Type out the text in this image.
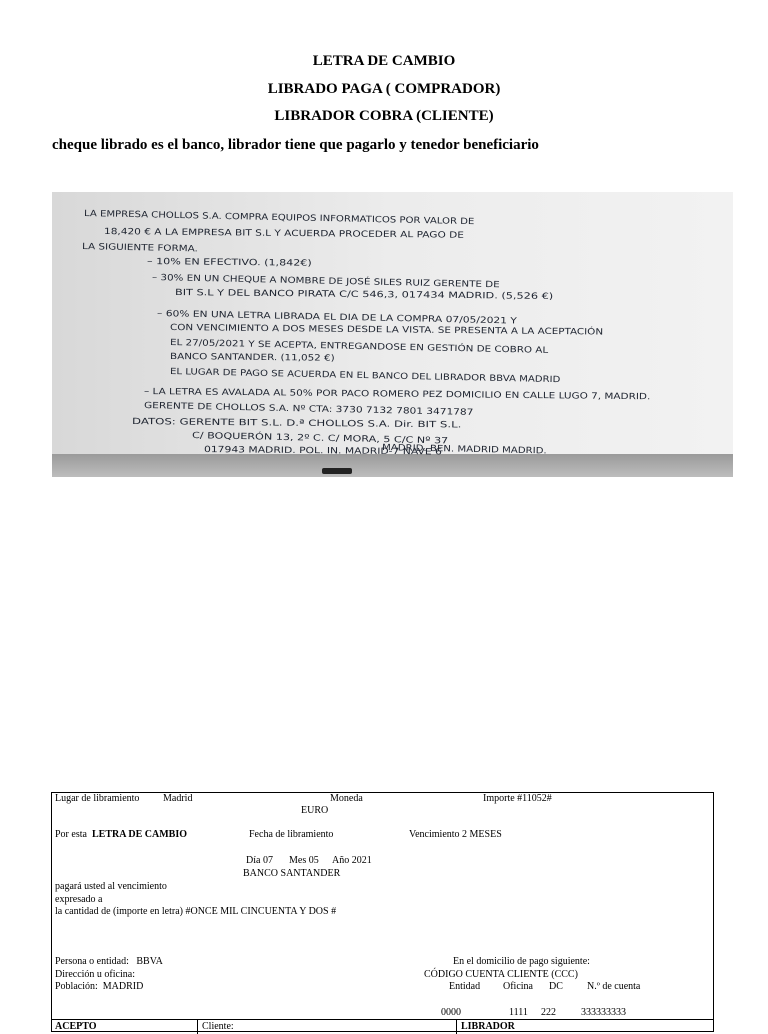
LETRA DE CAMBIO
LIBRADO PAGA ( COMPRADOR)
LIBRADOR COBRA (CLIENTE)
cheque librado es el banco, librador tiene que pagarlo y tenedor beneficiario
LA EMPRESA CHOLLOS S.A. COMPRA EQUIPOS INFORMATICOS POR VALOR DE
18,420 € A LA EMPRESA BIT S.L Y ACUERDA PROCEDER AL PAGO DE
LA SIGUIENTE FORMA.
– 10% EN EFECTIVO. (1,842€)
– 30% EN UN CHEQUE A NOMBRE DE JOSÉ SILES RUIZ GERENTE DE
BIT S.L Y DEL BANCO PIRATA C/C 546,3, 017434 MADRID. (5,526 €)
– 60% EN UNA LETRA LIBRADA EL DIA DE LA COMPRA 07/05/2021 Y
CON VENCIMIENTO A DOS MESES DESDE LA VISTA. SE PRESENTA A LA ACEPTACIÓN
EL 27/05/2021 Y SE ACEPTA, ENTREGANDOSE EN GESTIÓN DE COBRO AL
BANCO SANTANDER. (11,052 €)
EL LUGAR DE PAGO SE ACUERDA EN EL BANCO DEL LIBRADOR BBVA MADRID
– LA LETRA ES AVALADA AL 50% POR PACO ROMERO PEZ DOMICILIO EN CALLE LUGO 7, MADRID.
GERENTE DE CHOLLOS S.A. Nº CTA: 3730 7132 7801 3471787
DATOS: GERENTE BIT S.L. D.ª CHOLLOS S.A. Dir. BIT S.L.
C/ BOQUERÓN 13, 2º C. C/ MORA, 5 C/C Nº 37
017943 MADRID. POL. IN. MADRID-7 NAVE 6
MADRID. BEN. MADRID MADRID.
Lugar de libramiento Madrid	Moneda
EURO
Importe #11052#
Por esta LETRA DE CAMBIO	Fecha de libramiento	Vencimiento 2 MESES
Día 07 Mes 05 Año 2021
BANCO SANTANDER
pagará usted al vencimiento
expresado a
la cantidad de (importe en letra) #ONCE MIL CINCUENTA Y DOS #
Persona o entidad:   BBVA
Dirección u oficina:
Población:  MADRID
En el domicilio de pago siguiente:
CÓDIGO CUENTA CLIENTE (CCC)
Entidad Oficina DC N.º de cuenta
0000	1111 222	333333333
ACEPTO	Cliente:	LIBRADOR
